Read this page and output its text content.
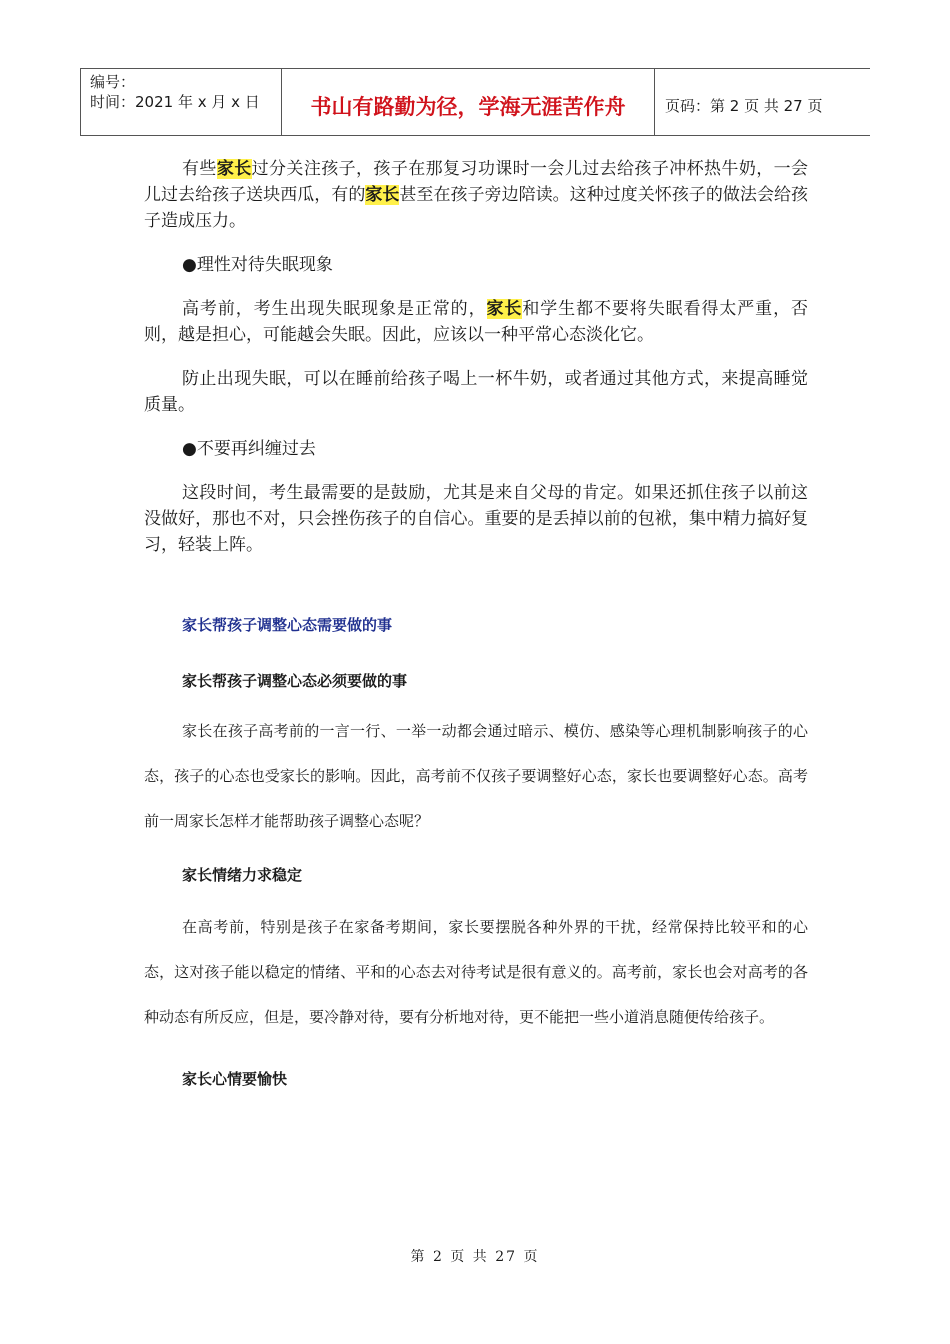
编号：
时间：2021 年 x 月 x 日	书山有路勤为径，学海无涯苦作舟	页码：第 2 页 共 27 页

有些家长过分关注孩子，孩子在那复习功课时一会儿过去给孩子冲杯热牛奶，一会儿过去给孩子送块西瓜，有的家长甚至在孩子旁边陪读。这种过度关怀孩子的做法会给孩子造成压力。

●理性对待失眠现象

高考前，考生出现失眠现象是正常的，家长和学生都不要将失眠看得太严重，否则，越是担心，可能越会失眠。因此，应该以一种平常心态淡化它。

防止出现失眠，可以在睡前给孩子喝上一杯牛奶，或者通过其他方式，来提高睡觉质量。

●不要再纠缠过去

这段时间，考生最需要的是鼓励，尤其是来自父母的肯定。如果还抓住孩子以前这没做好，那也不对，只会挫伤孩子的自信心。重要的是丢掉以前的包袱，集中精力搞好复习，轻装上阵。

家长帮孩子调整心态需要做的事

家长帮孩子调整心态必须要做的事

家长在孩子高考前的一言一行、一举一动都会通过暗示、模仿、感染等心理机制影响孩子的心态，孩子的心态也受家长的影响。因此，高考前不仅孩子要调整好心态，家长也要调整好心态。高考前一周家长怎样才能帮助孩子调整心态呢？

家长情绪力求稳定

在高考前，特别是孩子在家备考期间，家长要摆脱各种外界的干扰，经常保持比较平和的心态，这对孩子能以稳定的情绪、平和的心态去对待考试是很有意义的。高考前，家长也会对高考的各种动态有所反应，但是，要冷静对待，要有分析地对待，更不能把一些小道消息随便传给孩子。

家长心情要愉快

第 2 页 共 27 页
